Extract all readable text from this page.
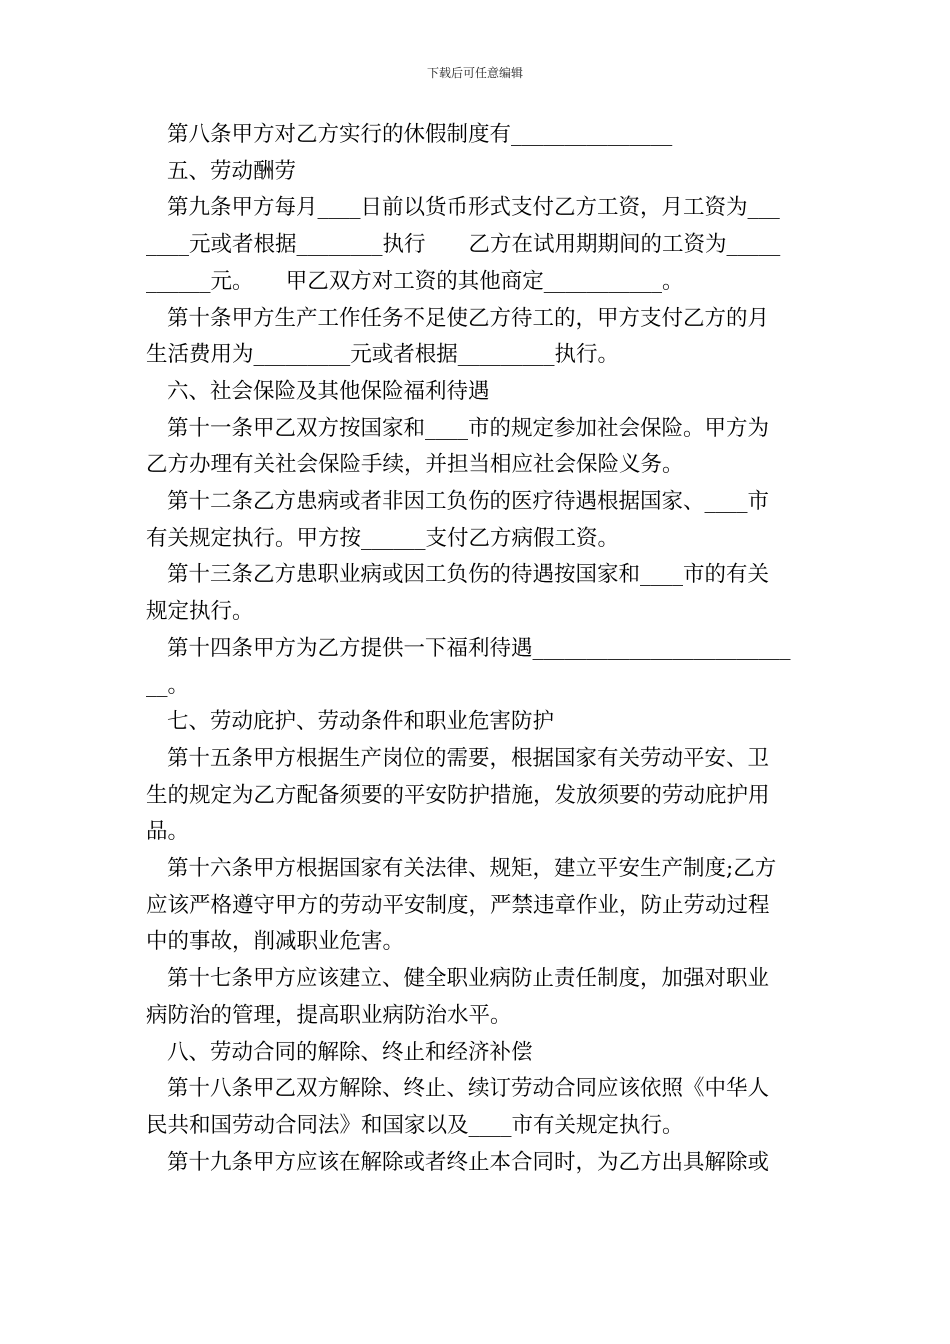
下载后可任意编辑
第八条甲方对乙方实行的休假制度有_______________
五、劳动酬劳
第九条甲方每月____日前以货币形式支付乙方工资，月工资为___
____元或者根据________执行　　乙方在试用期期间的工资为_____
______元。　　甲乙双方对工资的其他商定___________。
第十条甲方生产工作任务不足使乙方待工的，甲方支付乙方的月
生活费用为_________元或者根据_________执行。
六、社会保险及其他保险福利待遇
第十一条甲乙双方按国家和____市的规定参加社会保险。甲方为
乙方办理有关社会保险手续，并担当相应社会保险义务。
第十二条乙方患病或者非因工负伤的医疗待遇根据国家、____市
有关规定执行。甲方按______支付乙方病假工资。
第十三条乙方患职业病或因工负伤的待遇按国家和____市的有关
规定执行。
第十四条甲方为乙方提供一下福利待遇________________________
__。
七、劳动庇护、劳动条件和职业危害防护
第十五条甲方根据生产岗位的需要，根据国家有关劳动平安、卫
生的规定为乙方配备须要的平安防护措施，发放须要的劳动庇护用
品。
第十六条甲方根据国家有关法律、规矩，建立平安生产制度;乙方
应该严格遵守甲方的劳动平安制度，严禁违章作业，防止劳动过程
中的事故，削减职业危害。
第十七条甲方应该建立、健全职业病防止责任制度，加强对职业
病防治的管理，提高职业病防治水平。
八、劳动合同的解除、终止和经济补偿
第十八条甲乙双方解除、终止、续订劳动合同应该依照《中华人
民共和国劳动合同法》和国家以及____市有关规定执行。
第十九条甲方应该在解除或者终止本合同时，为乙方出具解除或
